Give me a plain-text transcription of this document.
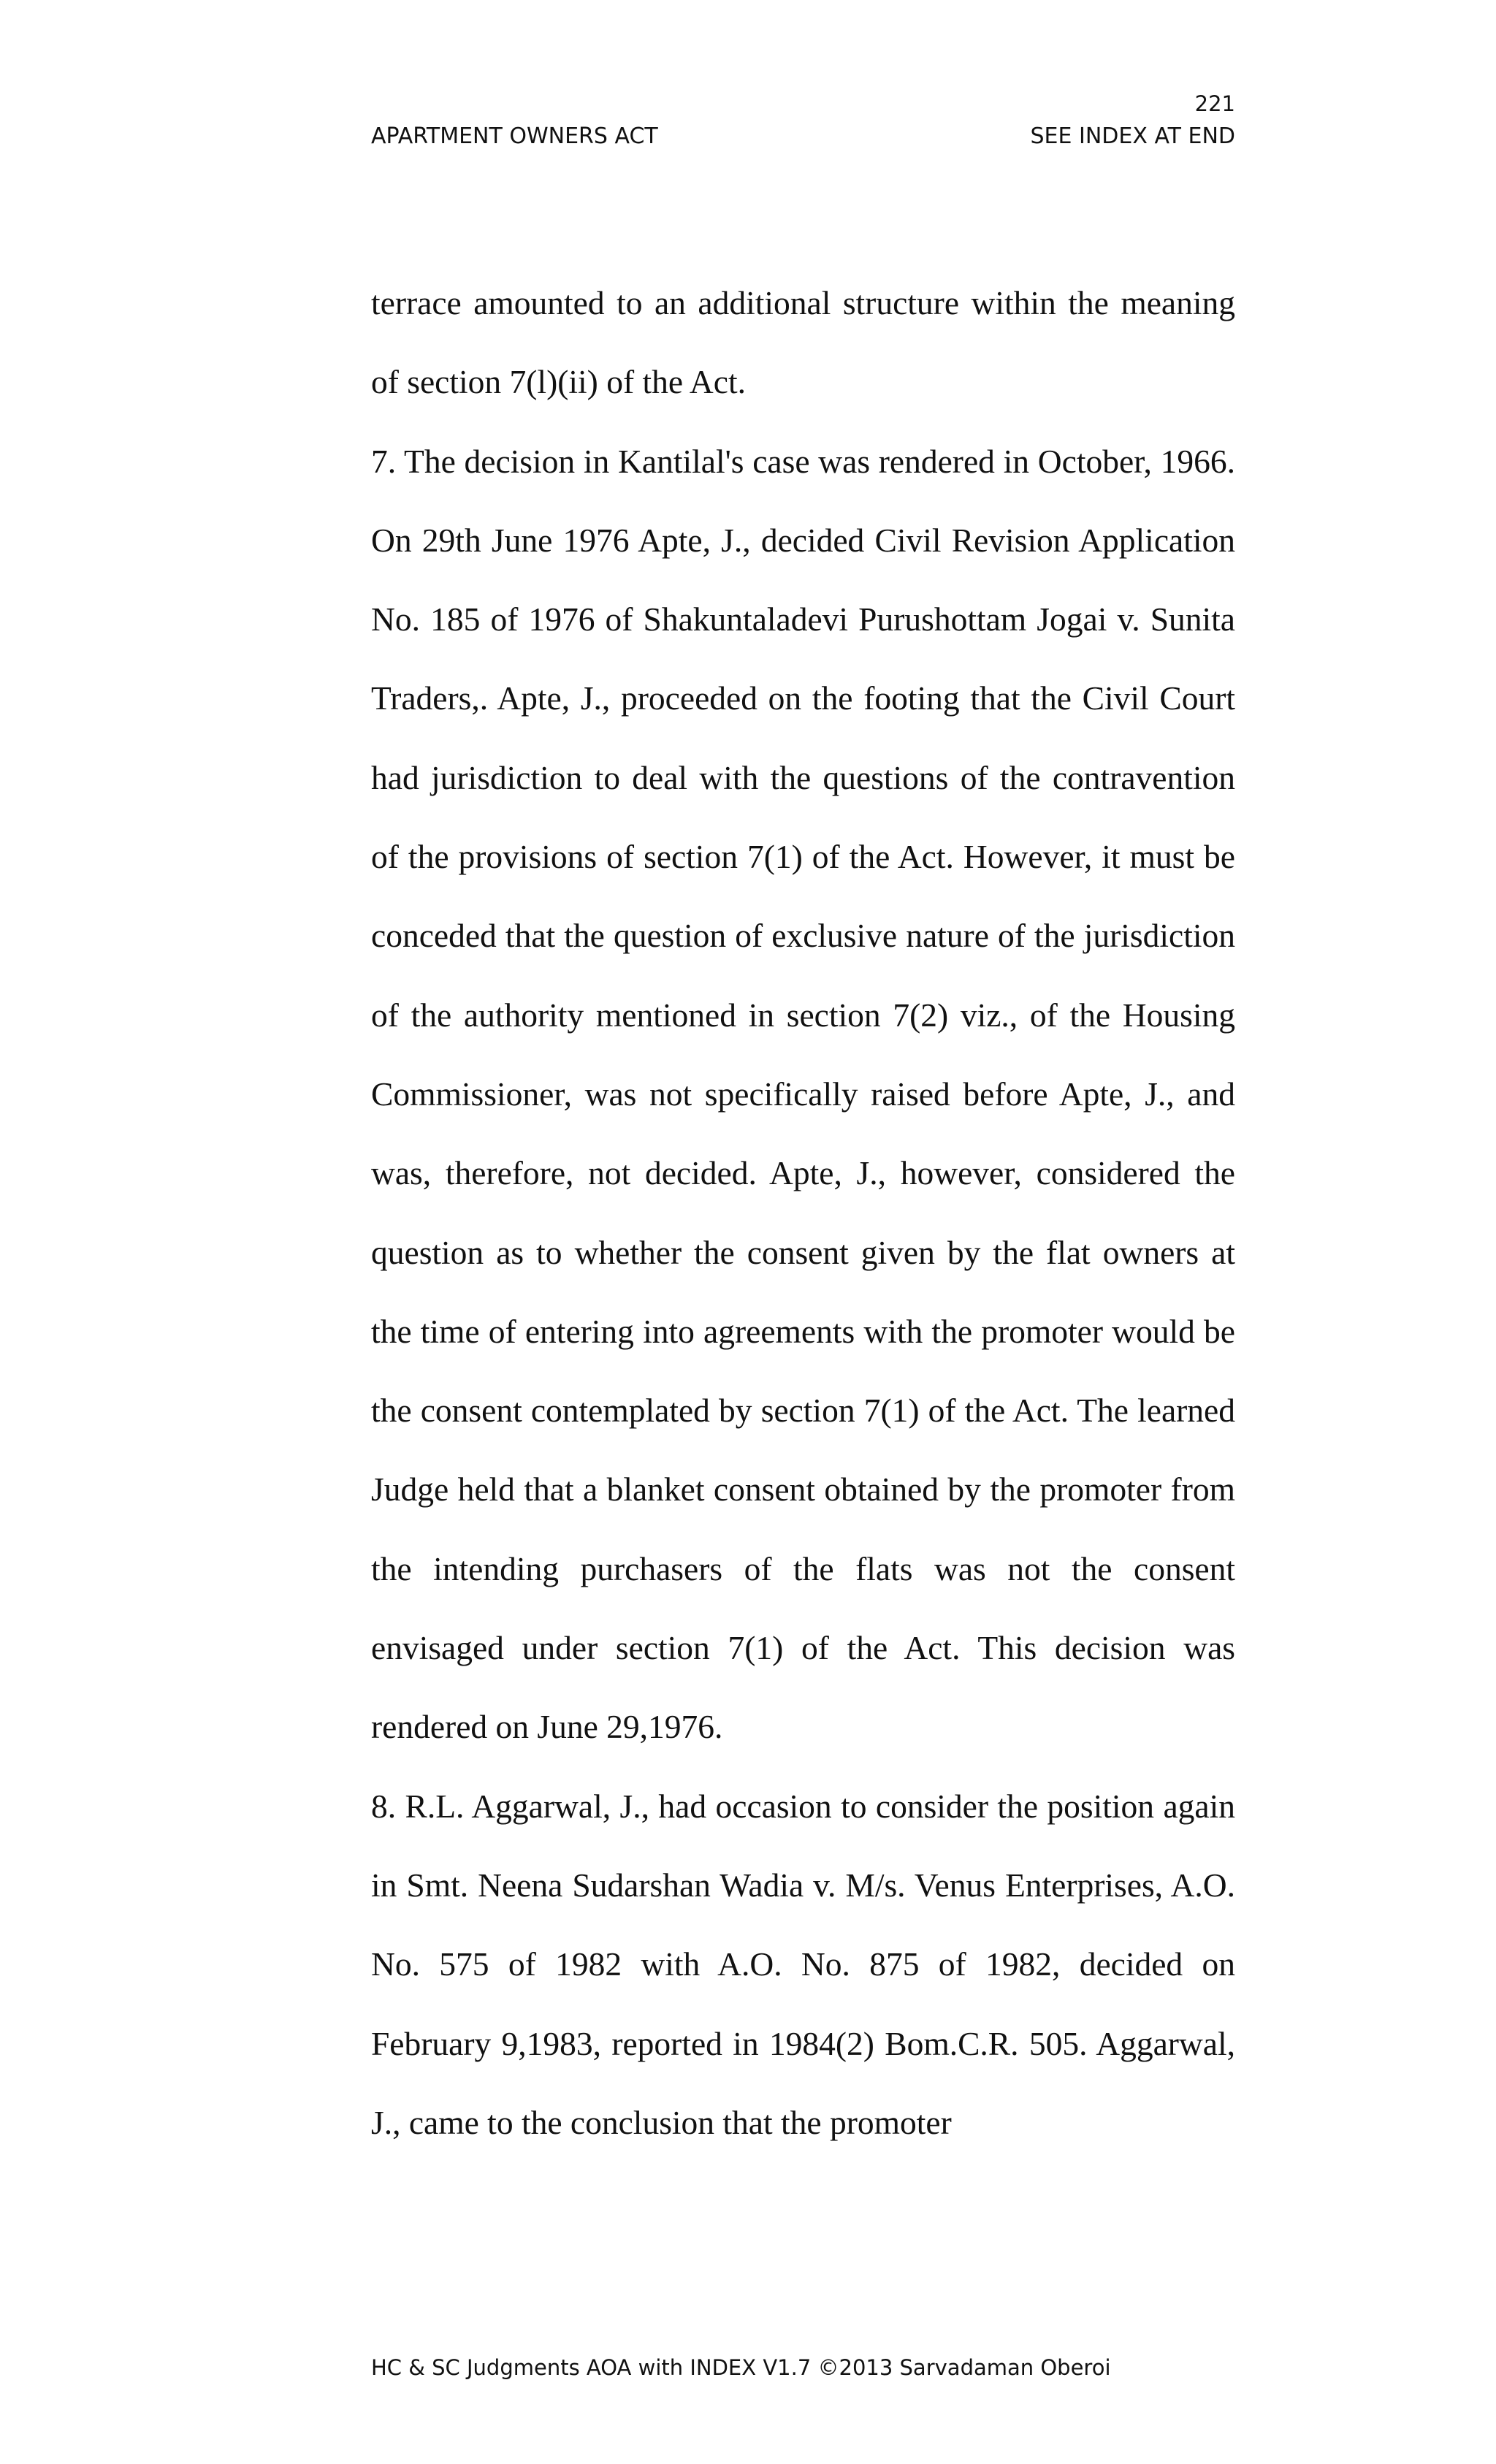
221
APARTMENT OWNERS ACT	SEE INDEX AT END

terrace amounted to an additional structure within the meaning of section 7(l)(ii) of the Act.

7. The decision in Kantilal's case was rendered in October, 1966. On 29th June 1976 Apte, J., decided Civil Revision Application No. 185 of 1976 of Shakuntaladevi Purushottam Jogai v. Sunita Traders,. Apte, J., proceeded on the footing that the Civil Court had jurisdiction to deal with the questions of the contravention of the provisions of section 7(1) of the Act. However, it must be conceded that the question of exclusive nature of the jurisdiction of the authority mentioned in section 7(2) viz., of the Housing Commissioner, was not specifically raised before Apte, J., and was, therefore, not decided. Apte, J., however, considered the question as to whether the consent given by the flat owners at the time of entering into agreements with the promoter would be the consent contemplated by section 7(1) of the Act. The learned Judge held that a blanket consent obtained by the promoter from the intending purchasers of the flats was not the consent envisaged under section 7(1) of the Act. This decision was rendered on June 29,1976.

8. R.L. Aggarwal, J., had occasion to consider the position again in Smt. Neena Sudarshan Wadia v. M/s. Venus Enterprises, A.O. No. 575 of 1982 with A.O. No. 875 of 1982, decided on February 9,1983, reported in 1984(2) Bom.C.R. 505. Aggarwal, J., came to the conclusion that the promoter

HC & SC Judgments AOA with INDEX V1.7 ©2013 Sarvadaman Oberoi
